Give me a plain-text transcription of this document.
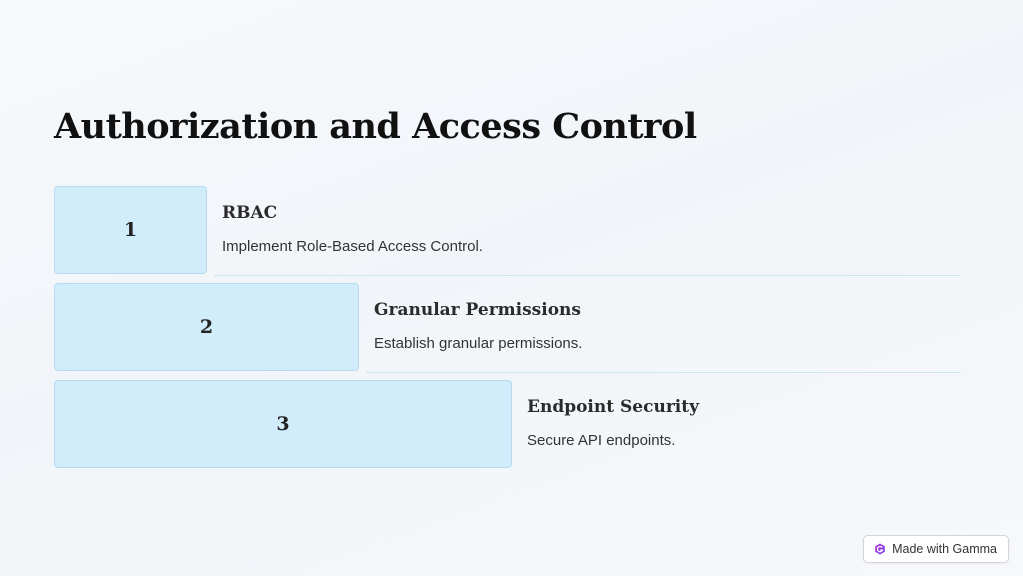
Authorization and Access Control
1
RBAC
Implement Role-Based Access Control.
2
Granular Permissions
Establish granular permissions.
3
Endpoint Security
Secure API endpoints.
Made with Gamma
